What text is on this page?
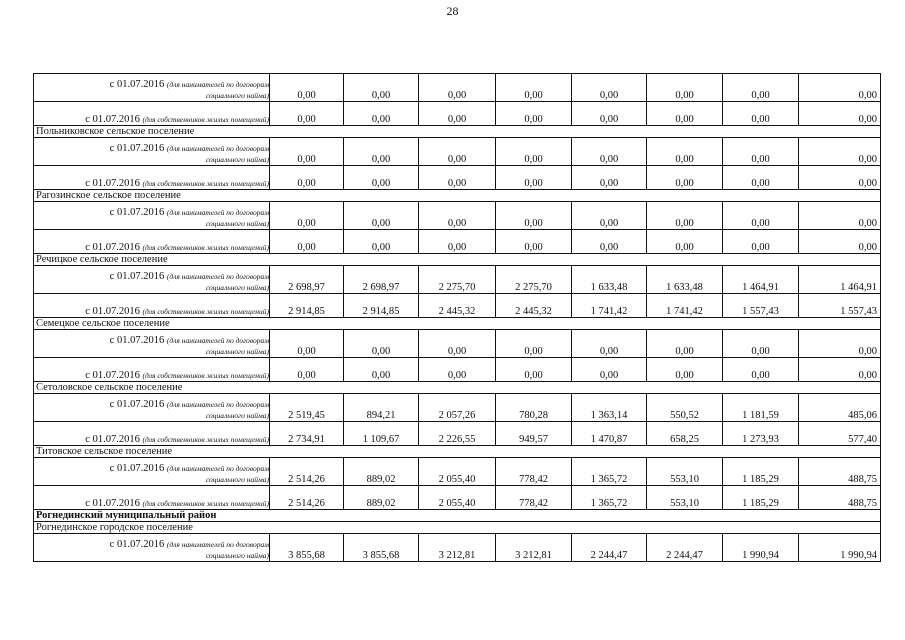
28
с 01.07.2016 (для нанимателей по договорам
социального найма)	0,00	0,00	0,00	0,00	0,00	0,00	0,00	0,00
с 01.07.2016 (для собственников жилых помещений)	0,00	0,00	0,00	0,00	0,00	0,00	0,00	0,00
Польниковское сельское поселение								

с 01.07.2016 (для нанимателей по договорам
социального найма)	0,00	0,00	0,00	0,00	0,00	0,00	0,00	0,00
с 01.07.2016 (для собственников жилых помещений)	0,00	0,00	0,00	0,00	0,00	0,00	0,00	0,00
Рагозинское сельское поселение								

с 01.07.2016 (для нанимателей по договорам
социального найма)	0,00	0,00	0,00	0,00	0,00	0,00	0,00	0,00
с 01.07.2016 (для собственников жилых помещений)	0,00	0,00	0,00	0,00	0,00	0,00	0,00	0,00
Речицкое сельское поселение								

с 01.07.2016 (для нанимателей по договорам
социального найма)	2 698,97	2 698,97	2 275,70	2 275,70	1 633,48	1 633,48	1 464,91	1 464,91
с 01.07.2016 (для собственников жилых помещений)	2 914,85	2 914,85	2 445,32	2 445,32	1 741,42	1 741,42	1 557,43	1 557,43
Семецкое сельское поселение								

с 01.07.2016 (для нанимателей по договорам
социального найма)	0,00	0,00	0,00	0,00	0,00	0,00	0,00	0,00
с 01.07.2016 (для собственников жилых помещений)	0,00	0,00	0,00	0,00	0,00	0,00	0,00	0,00
Сетоловское сельское поселение								

с 01.07.2016 (для нанимателей по договорам
социального найма)	2 519,45	894,21	2 057,26	780,28	1 363,14	550,52	1 181,59	485,06
с 01.07.2016 (для собственников жилых помещений)	2 734,91	1 109,67	2 226,55	949,57	1 470,87	658,25	1 273,93	577,40
Титовское сельское поселение								

с 01.07.2016 (для нанимателей по договорам
социального найма)	2 514,26	889,02	2 055,40	778,42	1 365,72	553,10	1 185,29	488,75
с 01.07.2016 (для собственников жилых помещений)	2 514,26	889,02	2 055,40	778,42	1 365,72	553,10	1 185,29	488,75
Рогнединский муниципальный район								
Рогнединское городское поселение								

с 01.07.2016 (для нанимателей по договорам
социального найма)	3 855,68	3 855,68	3 212,81	3 212,81	2 244,47	2 244,47	1 990,94	1 990,94
